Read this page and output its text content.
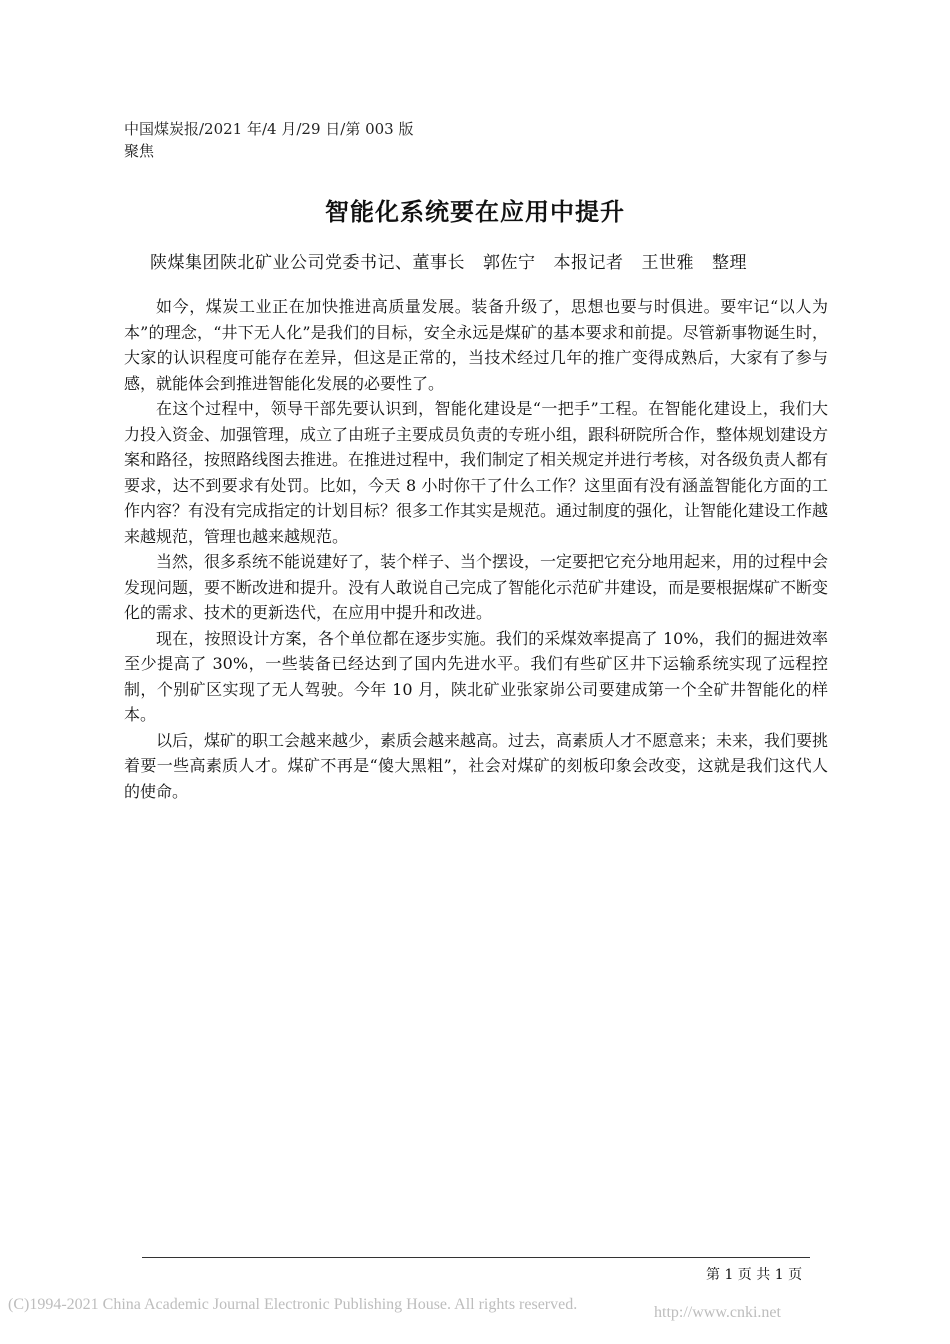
中国煤炭报/2021 年/4 月/29 日/第 003 版
聚焦
智能化系统要在应用中提升
陕煤集团陕北矿业公司党委书记、董事长 郭佐宁 本报记者 王世雅 整理

如今，煤炭工业正在加快推进高质量发展。装备升级了，思想也要与时俱进。要牢记“以人为本”的理念，“井下无人化”是我们的目标，安全永远是煤矿的基本要求和前提。尽管新事物诞生时，大家的认识程度可能存在差异，但这是正常的，当技术经过几年的推广变得成熟后，大家有了参与感，就能体会到推进智能化发展的必要性了。

在这个过程中，领导干部先要认识到，智能化建设是“一把手”工程。在智能化建设上，我们大力投入资金、加强管理，成立了由班子主要成员负责的专班小组，跟科研院所合作，整体规划建设方案和路径，按照路线图去推进。在推进过程中，我们制定了相关规定并进行考核，对各级负责人都有要求，达不到要求有处罚。比如，今天 8 小时你干了什么工作？这里面有没有涵盖智能化方面的工作内容？有没有完成指定的计划目标？很多工作其实是规范。通过制度的强化，让智能化建设工作越来越规范，管理也越来越规范。

当然，很多系统不能说建好了，装个样子、当个摆设，一定要把它充分地用起来，用的过程中会发现问题，要不断改进和提升。没有人敢说自己完成了智能化示范矿井建设，而是要根据煤矿不断变化的需求、技术的更新迭代，在应用中提升和改进。

现在，按照设计方案，各个单位都在逐步实施。我们的采煤效率提高了 10%，我们的掘进效率至少提高了 30%，一些装备已经达到了国内先进水平。我们有些矿区井下运输系统实现了远程控制，个别矿区实现了无人驾驶。今年 10 月，陕北矿业张家峁公司要建成第一个全矿井智能化的样本。

以后，煤矿的职工会越来越少，素质会越来越高。过去，高素质人才不愿意来；未来，我们要挑着要一些高素质人才。煤矿不再是“傻大黑粗”，社会对煤矿的刻板印象会改变，这就是我们这代人的使命。

第 1 页 共 1 页
(C)1994-2021 China Academic Journal Electronic Publishing House. All rights reserved.	http://www.cnki.net
